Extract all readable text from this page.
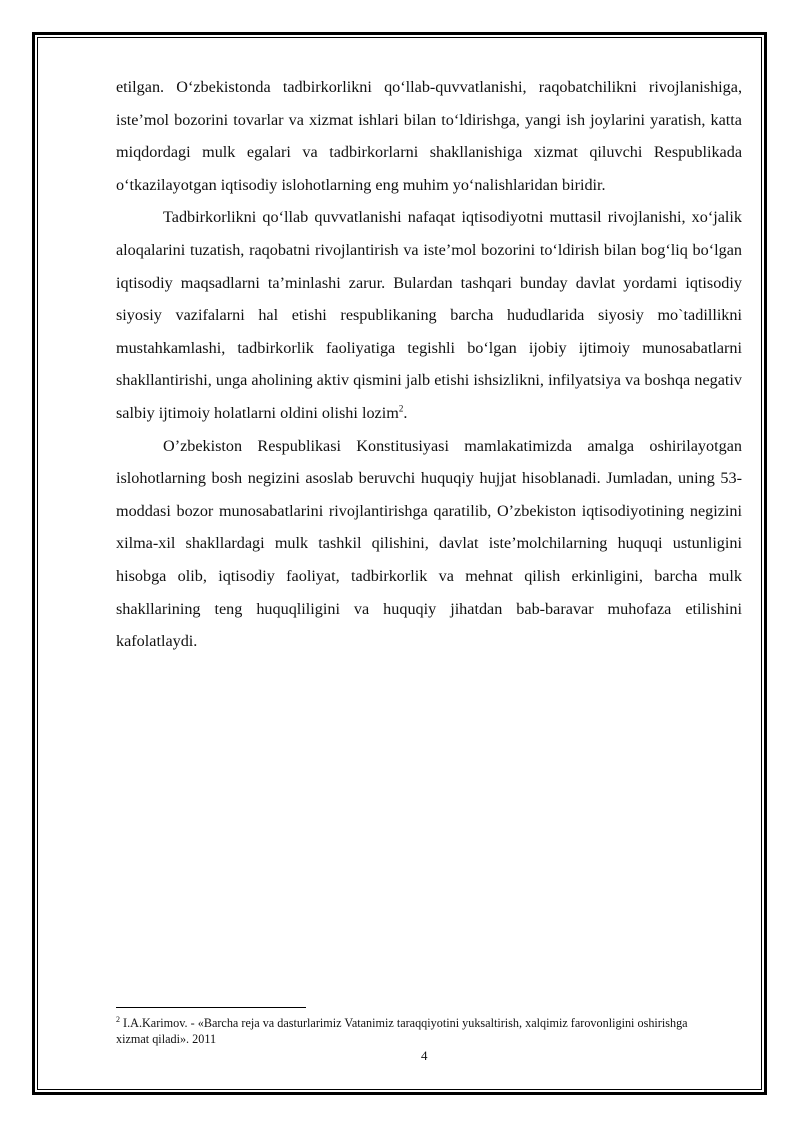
etilgan. O‘zbekistonda tadbirkorlikni qo‘llab-quvvatlanishi, raqobatchilikni rivojlanishiga, iste’mol bozorini tovarlar va xizmat ishlari bilan to‘ldirishga, yangi ish joylarini yaratish, katta miqdordagi mulk egalari va tadbirkorlarni shakllanishiga xizmat qiluvchi Respublikada o‘tkazilayotgan iqtisodiy islohotlarning eng muhim yo‘nalishlaridan biridir.

Tadbirkorlikni qo‘llab quvvatlanishi nafaqat iqtisodiyotni muttasil rivojlanishi, xo‘jalik aloqalarini tuzatish, raqobatni rivojlantirish va iste’mol bozorini to‘ldirish bilan bog‘liq bo‘lgan iqtisodiy maqsadlarni ta’minlashi zarur. Bulardan tashqari bunday davlat yordami iqtisodiy siyosiy vazifalarni hal etishi respublikaning barcha hududlarida siyosiy mo`tadillikni mustahkamlashi, tadbirkorlik faoliyatiga tegishli bo‘lgan ijobiy ijtimoiy munosabatlarni shakllantirishi, unga aholining aktiv qismini jalb etishi ishsizlikni, infilyatsiya va boshqa negativ salbiy ijtimoiy holatlarni oldini olishi lozim$^2$.

O’zbekiston Respublikasi Konstitusiyasi mamlakatimizda amalga oshirilayotgan islohotlarning bosh negizini asoslab beruvchi huquqiy hujjat hisoblanadi. Jumladan, uning 53-moddasi bozor munosabatlarini rivojlantirishga qaratilib, O’zbekiston iqtisodiyotining negizini xilma-xil shakllardagi mulk tashkil qilishini, davlat iste’molchilarning huquqi ustunligini hisobga olib, iqtisodiy faoliyat, tadbirkorlik va mehnat qilish erkinligini, barcha mulk shakllarining teng huquqliligini va huquqiy jihatdan bab-baravar muhofaza etilishini kafolatlaydi.

$^2$ I.A.Karimov. - «Barcha reja va dasturlarimiz Vatanimiz taraqqiyotini yuksaltirish, xalqimiz farovonligini oshirishga xizmat qiladi». 2011
4
